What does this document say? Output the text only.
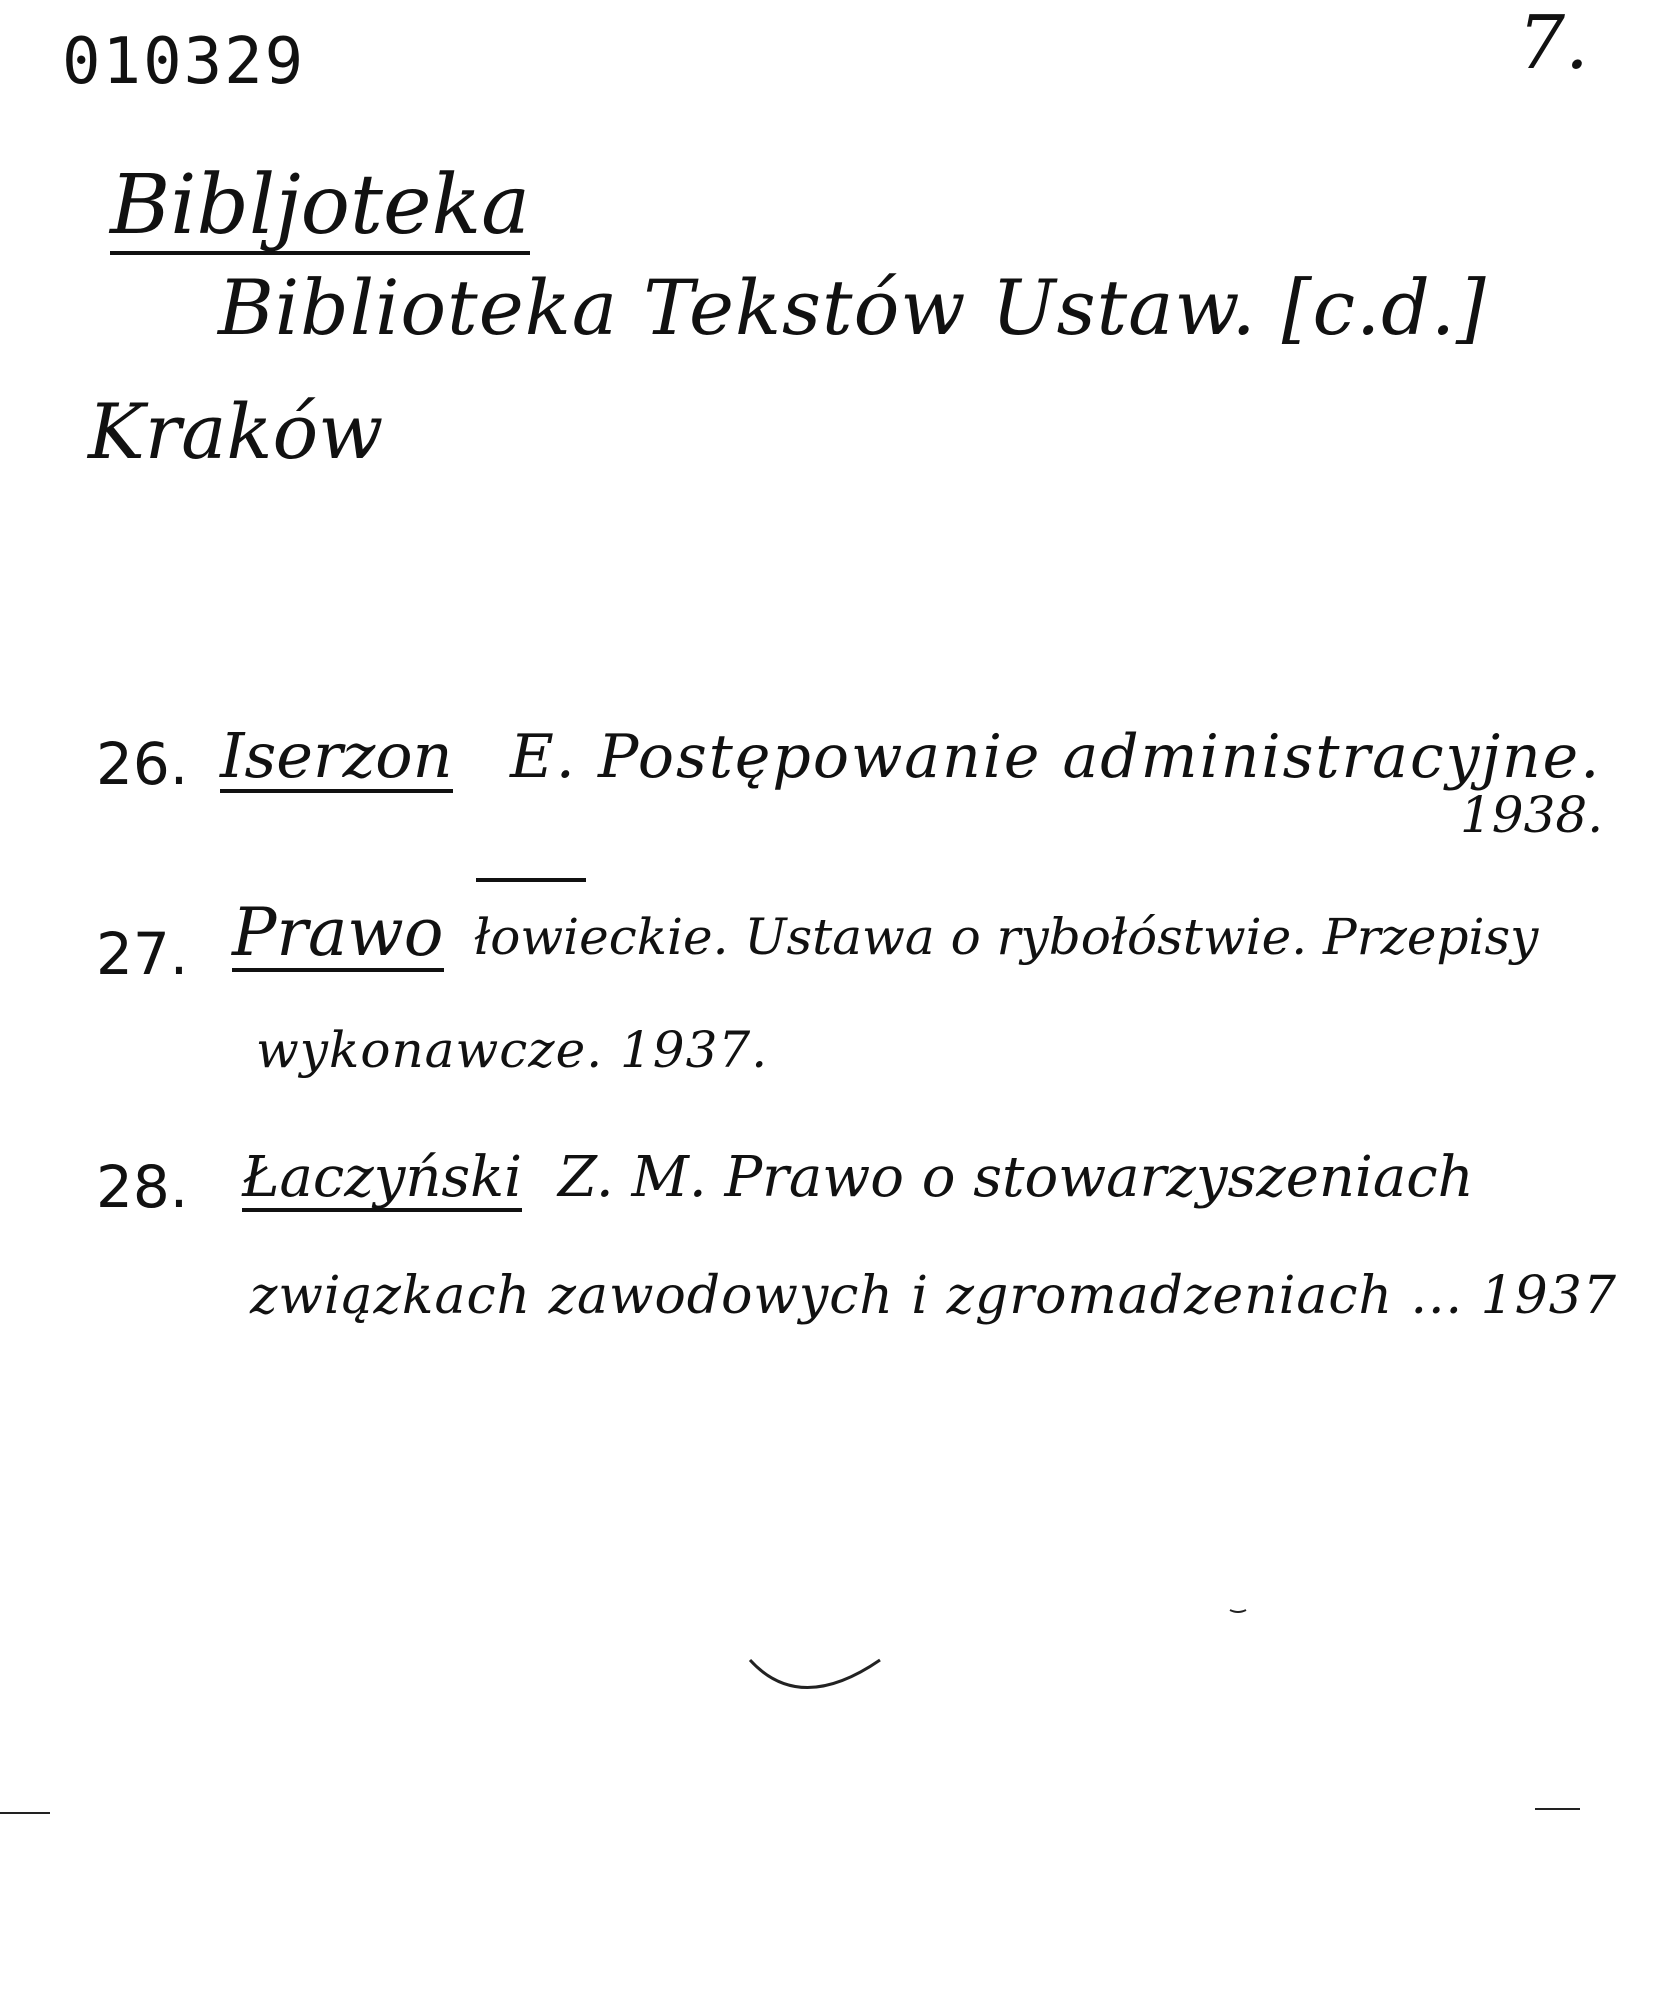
010329	7.
Bibljoteka
Biblioteka Tekstów Ustaw. [c.d.]
Kraków
26. Iserzon E. Postępowanie administracyjne.
1938.
27. Prawo łowieckie. Ustawa o rybołóstwie. Przepisy
wykonawcze. 1937.
28. Łaczyński Z. M. Prawo o stowarzyszeniach
związkach zawodowych i zgromadzeniach ... 1937
